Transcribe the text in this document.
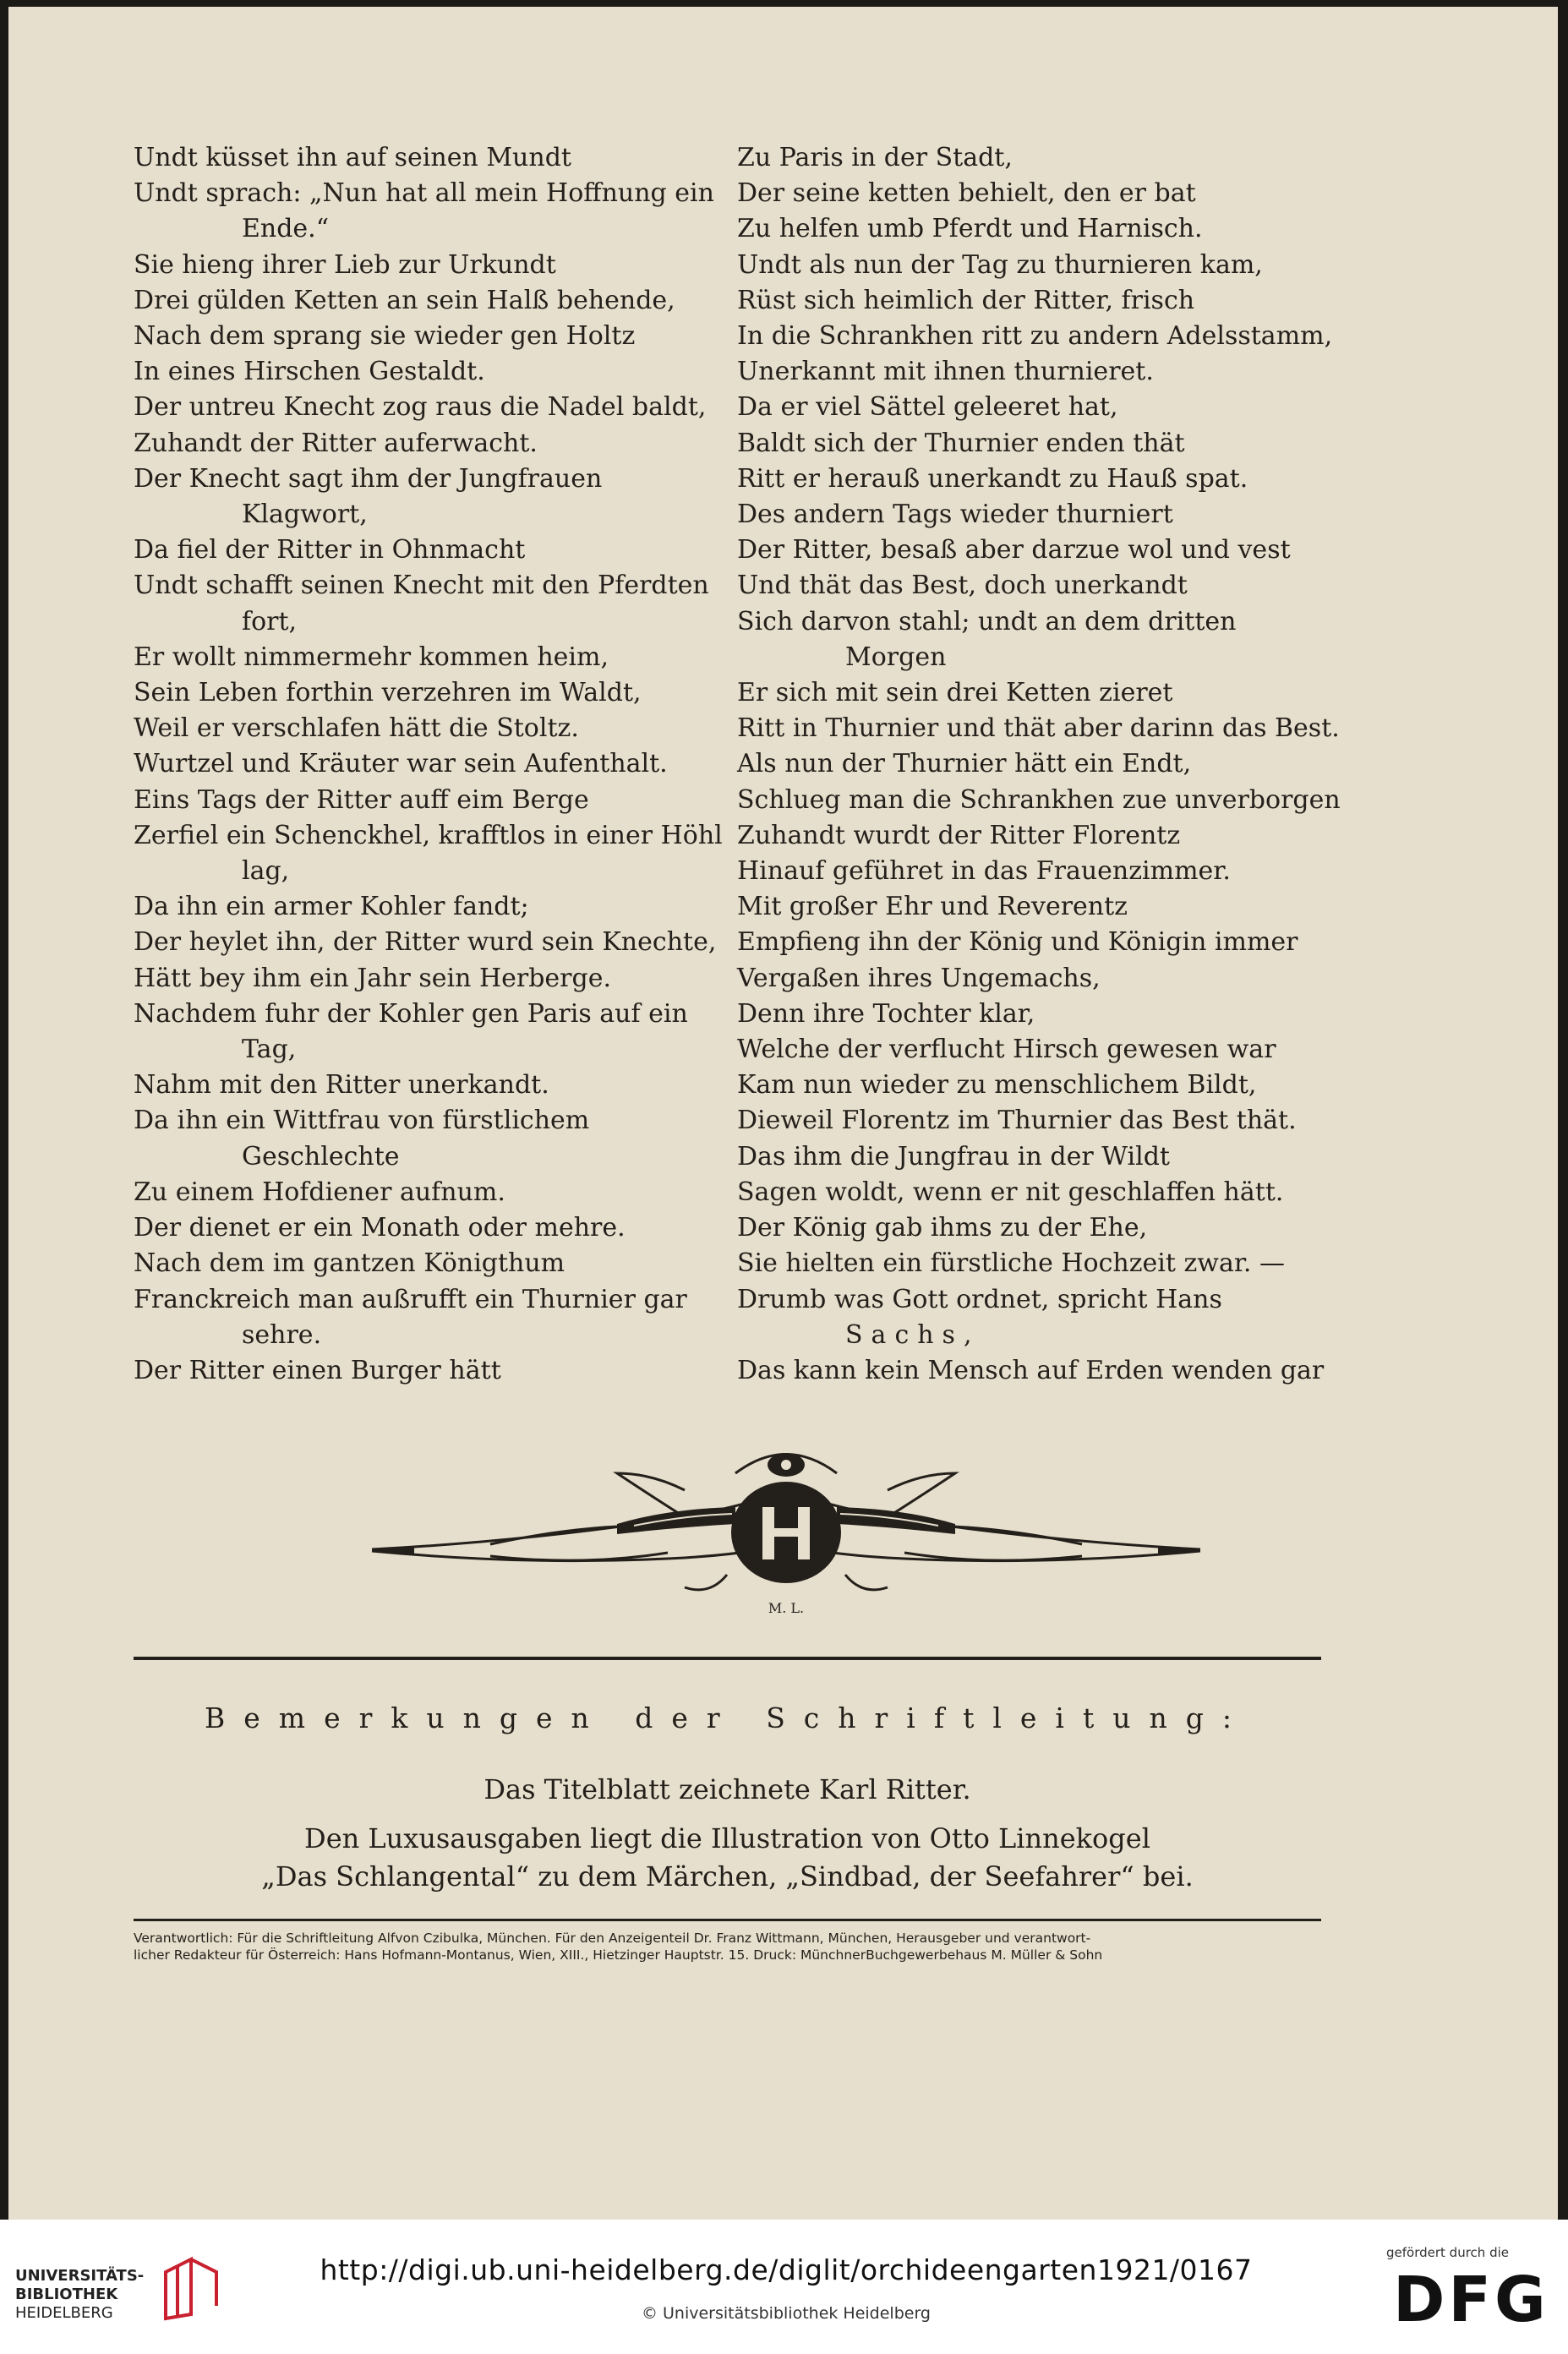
Undt küsset ihn auf seinen Mundt
Undt sprach: „Nun hat all mein Hoffnung ein
Ende.“
Sie hieng ihrer Lieb zur Urkundt
Drei gülden Ketten an sein Halß behende,
Nach dem sprang sie wieder gen Holtz
In eines Hirschen Gestaldt.
Der untreu Knecht zog raus die Nadel baldt,
Zuhandt der Ritter auferwacht.
Der Knecht sagt ihm der Jungfrauen
Klagwort,
Da fiel der Ritter in Ohnmacht
Undt schafft seinen Knecht mit den Pferdten
fort,
Er wollt nimmermehr kommen heim,
Sein Leben forthin verzehren im Waldt,
Weil er verschlafen hätt die Stoltz.
Wurtzel und Kräuter war sein Aufenthalt.
Eins Tags der Ritter auff eim Berge
Zerfiel ein Schenckhel, krafftlos in einer Höhl
lag,
Da ihn ein armer Kohler fandt;
Der heylet ihn, der Ritter wurd sein Knechte,
Hätt bey ihm ein Jahr sein Herberge.
Nachdem fuhr der Kohler gen Paris auf ein
Tag,
Nahm mit den Ritter unerkandt.
Da ihn ein Wittfrau von fürstlichem
Geschlechte
Zu einem Hofdiener aufnum.
Der dienet er ein Monath oder mehre.
Nach dem im gantzen Königthum
Franckreich man außrufft ein Thurnier gar
sehre.
Der Ritter einen Burger hätt
Zu Paris in der Stadt,
Der seine ketten behielt, den er bat
Zu helfen umb Pferdt und Harnisch.
Undt als nun der Tag zu thurnieren kam,
Rüst sich heimlich der Ritter, frisch
In die Schrankhen ritt zu andern Adelsstamm,
Unerkannt mit ihnen thurnieret.
Da er viel Sättel geleeret hat,
Baldt sich der Thurnier enden thät
Ritt er herauß unerkandt zu Hauß spat.
Des andern Tags wieder thurniert
Der Ritter, besaß aber darzue wol und vest
Und thät das Best, doch unerkandt
Sich darvon stahl; undt an dem dritten
Morgen
Er sich mit sein drei Ketten zieret
Ritt in Thurnier und thät aber darinn das Best.
Als nun der Thurnier hätt ein Endt,
Schlueg man die Schrankhen zue unverborgen
Zuhandt wurdt der Ritter Florentz
Hinauf geführet in das Frauenzimmer.
Mit großer Ehr und Reverentz
Empfieng ihn der König und Königin immer
Vergaßen ihres Ungemachs,
Denn ihre Tochter klar,
Welche der verflucht Hirsch gewesen war
Kam nun wieder zu menschlichem Bildt,
Dieweil Florentz im Thurnier das Best thät.
Das ihm die Jungfrau in der Wildt
Sagen woldt, wenn er nit geschlaffen hätt.
Der König gab ihms zu der Ehe,
Sie hielten ein fürstliche Hochzeit zwar. —
Drumb was Gott ordnet, spricht Hans
Sachs,
Das kann kein Mensch auf Erden wenden gar
M. L.
Bemerkungen der Schriftleitung:
Das Titelblatt zeichnete Karl Ritter.
Den Luxusausgaben liegt die Illustration von Otto Linnekogel
„Das Schlangental“ zu dem Märchen, „Sindbad, der Seefahrer“ bei.
Verantwortlich: Für die Schriftleitung Alfvon Czibulka, München. Für den Anzeigenteil Dr. Franz Wittmann, München, Herausgeber und verantwort-
licher Redakteur für Österreich: Hans Hofmann-Montanus, Wien, XIII., Hietzinger Hauptstr. 15. Druck: MünchnerBuchgewerbehaus M. Müller & Sohn
UNIVERSITÄTS-
BIBLIOTHEK
HEIDELBERG
http://digi.ub.uni-heidelberg.de/diglit/orchideengarten1921/0167
© Universitätsbibliothek Heidelberg
gefördert durch die
DFG
